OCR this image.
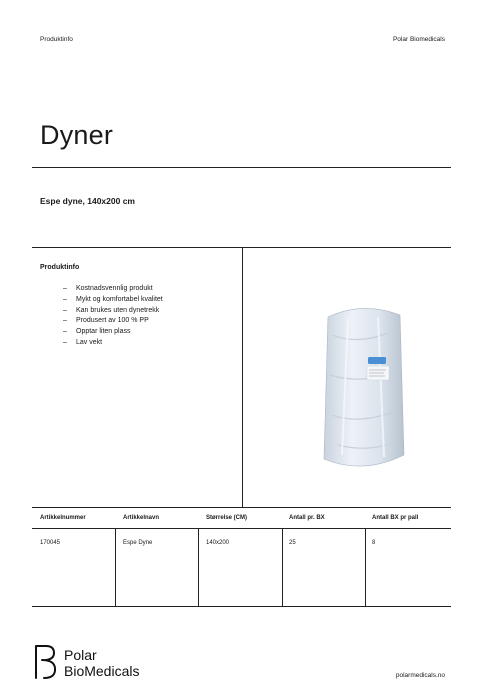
Produktinfo	Polar Biomedicals
Dyner
Espe dyne, 140x200 cm
Produktinfo
– Kostnadsvennlig produkt
– Mykt og komfortabel kvalitet
– Kan brukes uten dynetrekk
– Produsert av 100 % PP
– Opptar liten plass
– Lav vekt
Artikkelnummer	Artikkelnavn	Størrelse (CM)	Antall pr. BX	Antall BX pr pall
170045	Espe Dyne	140x200	25	8
Polar
BioMedicals	polarmedicals.no
